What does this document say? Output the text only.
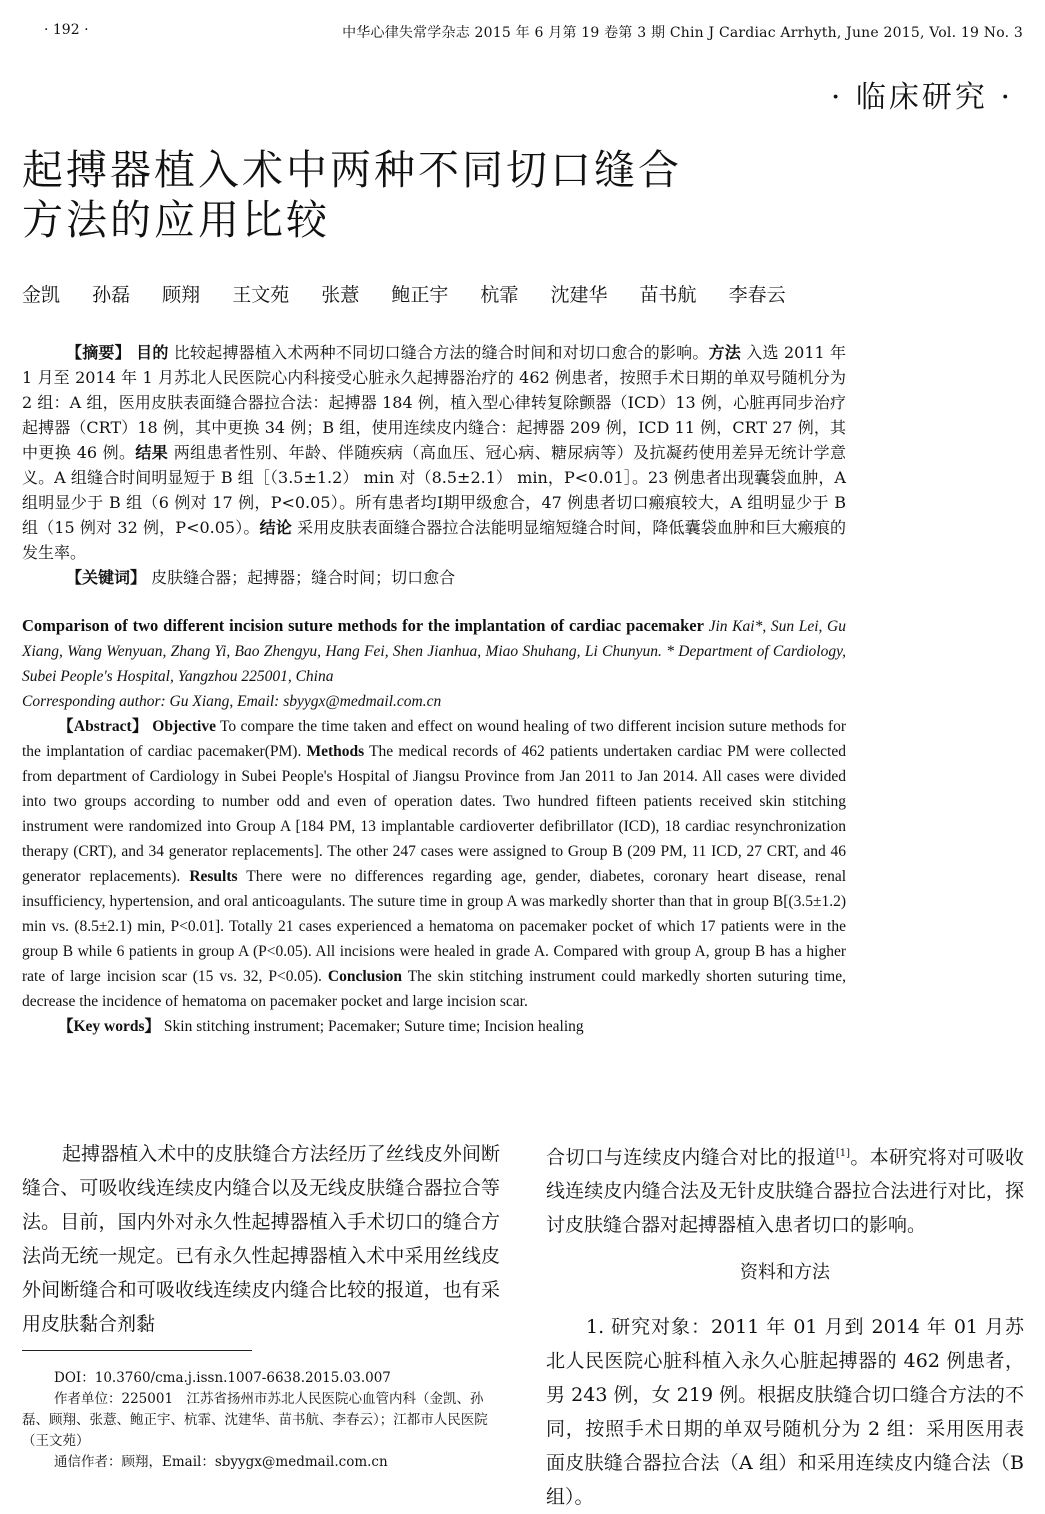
· 192 ·	中华心律失常学杂志 2015 年 6 月第 19 卷第 3 期 Chin J Cardiac Arrhyth, June 2015, Vol. 19 No. 3
· 临床研究 ·
起搏器植入术中两种不同切口缝合
方法的应用比较
金凯 孙磊 顾翔 王文苑 张薏 鲍正宇 杭霏 沈建华 苗书航 李春云

【摘要】 目的 比较起搏器植入术两种不同切口缝合方法的缝合时间和对切口愈合的影响。方法 入选 2011 年 1 月至 2014 年 1 月苏北人民医院心内科接受心脏永久起搏器治疗的 462 例患者，按照手术日期的单双号随机分为 2 组：A 组，医用皮肤表面缝合器拉合法：起搏器 184 例，植入型心律转复除颤器（ICD）13 例，心脏再同步治疗起搏器（CRT）18 例，其中更换 34 例；B 组，使用连续皮内缝合：起搏器 209 例，ICD 11 例，CRT 27 例，其中更换 46 例。结果 两组患者性别、年龄、伴随疾病（高血压、冠心病、糖尿病等）及抗凝药使用差异无统计学意义。A 组缝合时间明显短于 B 组［（3.5±1.2） min 对（8.5±2.1） min，P<0.01］。23 例患者出现囊袋血肿，A 组明显少于 B 组（6 例对 17 例，P<0.05）。所有患者均Ⅰ期甲级愈合，47 例患者切口瘢痕较大，A 组明显少于 B 组（15 例对 32 例，P<0.05）。结论 采用皮肤表面缝合器拉合法能明显缩短缝合时间，降低囊袋血肿和巨大瘢痕的发生率。

【关键词】 皮肤缝合器；起搏器；缝合时间；切口愈合

Comparison of two different incision suture methods for the implantation of cardiac pacemaker Jin Kai*, Sun Lei, Gu Xiang, Wang Wenyuan, Zhang Yi, Bao Zhengyu, Hang Fei, Shen Jianhua, Miao Shuhang, Li Chunyun. * Department of Cardiology, Subei People's Hospital, Yangzhou 225001, China

Corresponding author: Gu Xiang, Email: sbyygx@medmail.com.cn

【Abstract】 Objective To compare the time taken and effect on wound healing of two different incision suture methods for the implantation of cardiac pacemaker(PM). Methods The medical records of 462 patients undertaken cardiac PM were collected from department of Cardiology in Subei People's Hospital of Jiangsu Province from Jan 2011 to Jan 2014. All cases were divided into two groups according to number odd and even of operation dates. Two hundred fifteen patients received skin stitching instrument were randomized into Group A [184 PM, 13 implantable cardioverter defibrillator (ICD), 18 cardiac resynchronization therapy (CRT), and 34 generator replacements]. The other 247 cases were assigned to Group B (209 PM, 11 ICD, 27 CRT, and 46 generator replacements). Results There were no differences regarding age, gender, diabetes, coronary heart disease, renal insufficiency, hypertension, and oral anticoagulants. The suture time in group A was markedly shorter than that in group B[(3.5±1.2) min vs. (8.5±2.1) min, P<0.01]. Totally 21 cases experienced a hematoma on pacemaker pocket of which 17 patients were in the group B while 6 patients in group A (P<0.05). All incisions were healed in grade A. Compared with group A, group B has a higher rate of large incision scar (15 vs. 32, P<0.05). Conclusion The skin stitching instrument could markedly shorten suturing time, decrease the incidence of hematoma on pacemaker pocket and large incision scar.

【Key words】 Skin stitching instrument; Pacemaker; Suture time; Incision healing

起搏器植入术中的皮肤缝合方法经历了丝线皮外间断缝合、可吸收线连续皮内缝合以及无线皮肤缝合器拉合等法。目前，国内外对永久性起搏器植入手术切口的缝合方法尚无统一规定。已有永久性起搏器植入术中采用丝线皮外间断缝合和可吸收线连续皮内缝合比较的报道，也有采用皮肤黏合剂黏

合切口与连续皮内缝合对比的报道[1]。本研究将对可吸收线连续皮内缝合法及无针皮肤缝合器拉合法进行对比，探讨皮肤缝合器对起搏器植入患者切口的影响。

资料和方法

1. 研究对象：2011 年 01 月到 2014 年 01 月苏北人民医院心脏科植入永久心脏起搏器的 462 例患者，男 243 例，女 219 例。根据皮肤缝合切口缝合方法的不同，按照手术日期的单双号随机分为 2 组：采用医用表面皮肤缝合器拉合法（A 组）和采用连续皮内缝合法（B 组）。

DOI：10.3760/cma.j.issn.1007-6638.2015.03.007

作者单位：225001　江苏省扬州市苏北人民医院心血管内科（金凯、孙磊、顾翔、张薏、鲍正宇、杭霏、沈建华、苗书航、李春云）；江都市人民医院（王文苑）

通信作者：顾翔，Email：sbyygx@medmail.com.cn
